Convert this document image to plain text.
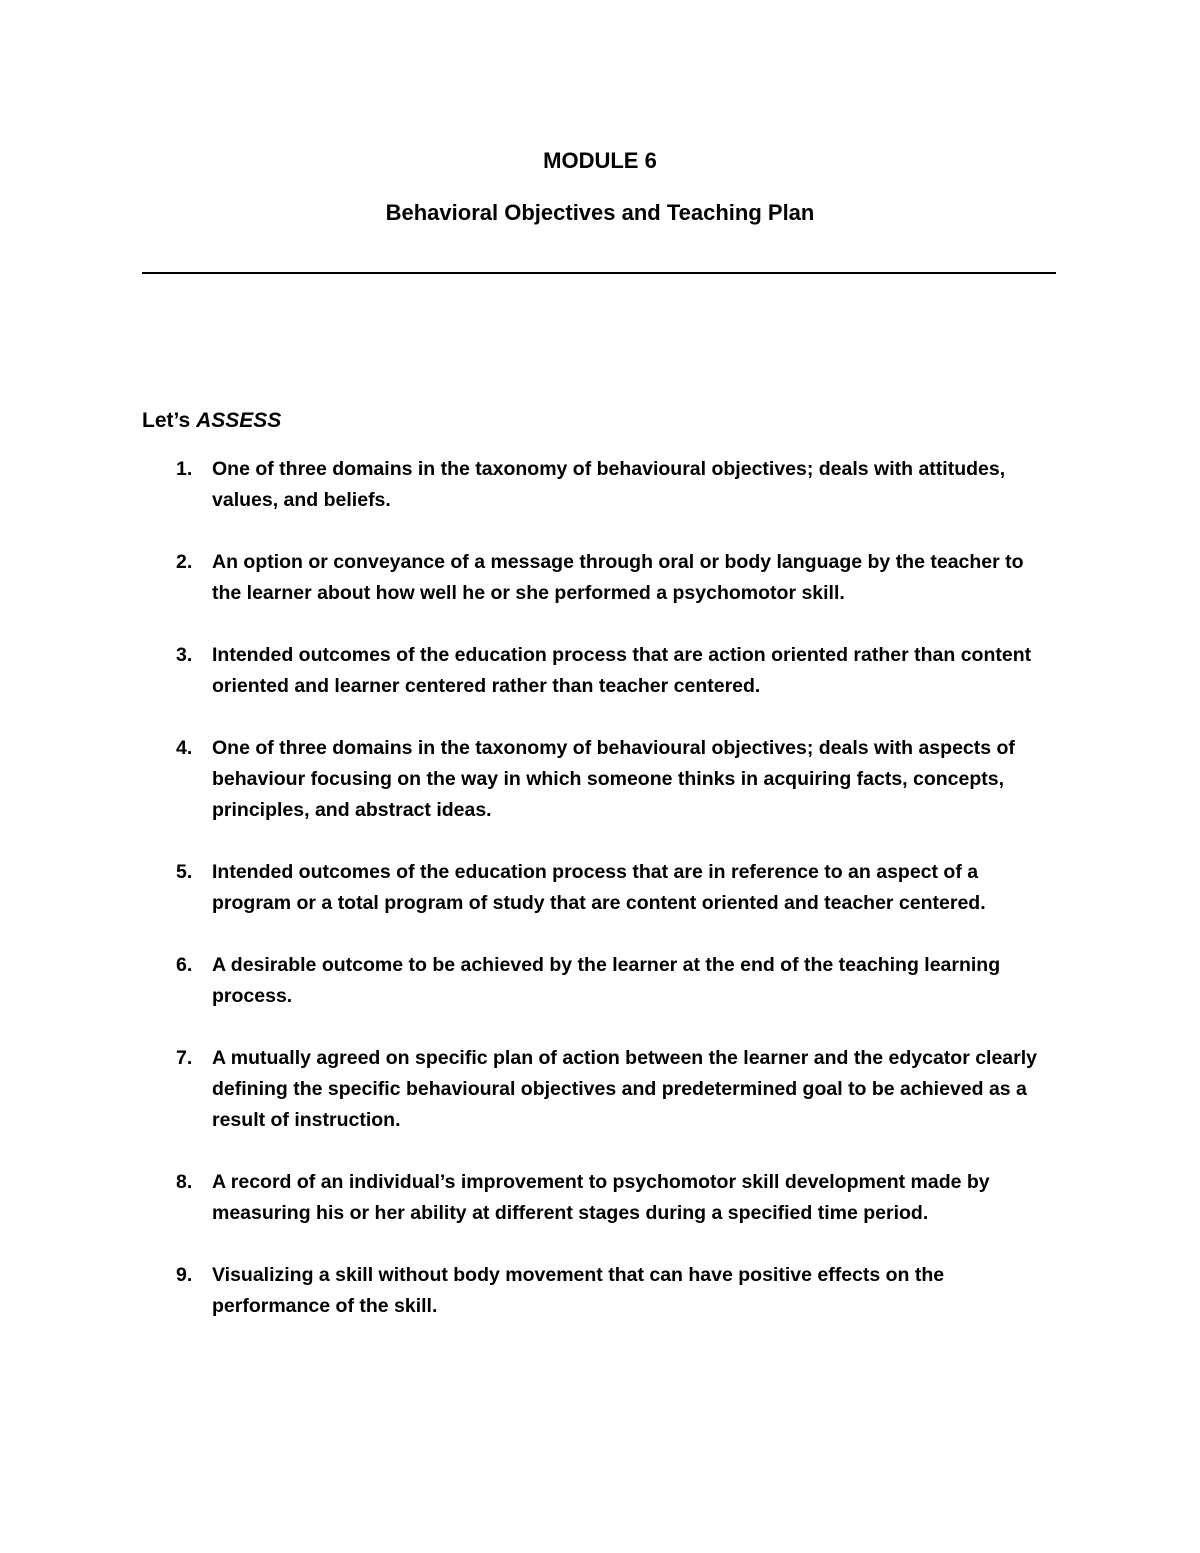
MODULE 6
Behavioral Objectives and Teaching Plan
Let’s ASSESS
1. One of three domains in the taxonomy of behavioural objectives; deals with attitudes, values, and beliefs.
2. An option or conveyance of a message through oral or body language by the teacher to the learner about how well he or she performed a psychomotor skill.
3. Intended outcomes of the education process that are action oriented rather than content oriented and learner centered rather than teacher centered.
4. One of three domains in the taxonomy of behavioural objectives; deals with aspects of behaviour focusing on the way in which someone thinks in acquiring facts, concepts, principles, and abstract ideas.
5. Intended outcomes of the education process that are in reference to an aspect of a program or a total program of study that are content oriented and teacher centered.
6. A desirable outcome to be achieved by the learner at the end of the teaching learning process.
7. A mutually agreed on specific plan of action between the learner and the edycator clearly defining the specific behavioural objectives and predetermined goal to be achieved as a result of instruction.
8. A record of an individual’s improvement to psychomotor skill development made by measuring his or her ability at different stages during a specified time period.
9. Visualizing a skill without body movement that can have positive effects on the performance of the skill.
